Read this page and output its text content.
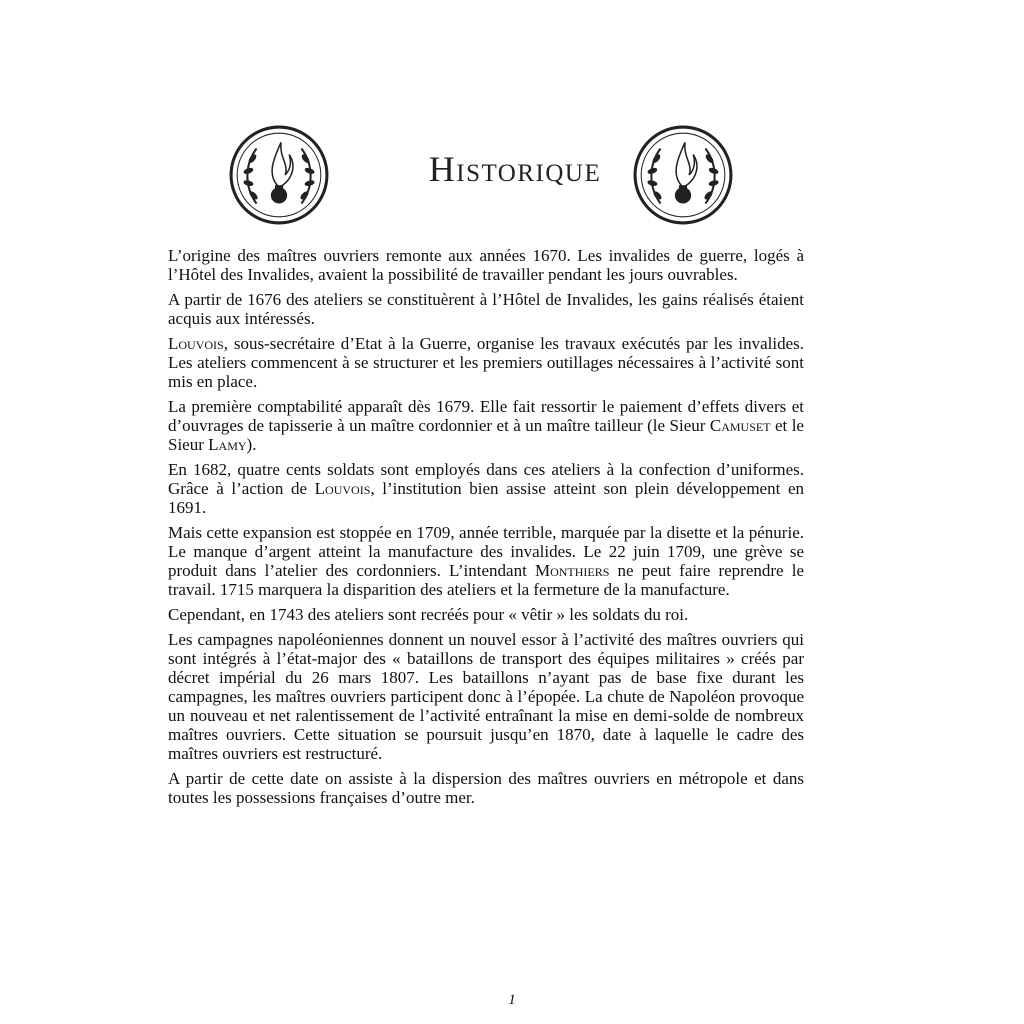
Historique

L’origine des maîtres ouvriers remonte aux années 1670. Les invalides de guerre, logés à l’Hôtel des Invalides, avaient la possibilité de travailler pendant les jours ouvrables.

A partir de 1676 des ateliers se constituèrent à l’Hôtel de Invalides, les gains réalisés étaient acquis aux intéressés.

Louvois, sous-secrétaire d’Etat à la Guerre, organise les travaux exécutés par les invalides. Les ateliers commencent à se structurer et les premiers outillages nécessaires à l’activité sont mis en place.

La première comptabilité apparaît dès 1679. Elle fait ressortir le paiement d’effets divers et d’ouvrages de tapisserie à un maître cordonnier et à un maître tailleur (le Sieur Camuset et le Sieur Lamy).

En 1682, quatre cents soldats sont employés dans ces ateliers à la confection d’uniformes. Grâce à l’action de Louvois, l’institution bien assise atteint son plein développement en 1691.

Mais cette expansion est stoppée en 1709, année terrible, marquée par la disette et la pénurie. Le manque d’argent atteint la manufacture des invalides. Le 22 juin 1709, une grève se produit dans l’atelier des cordonniers. L’intendant Monthiers ne peut faire reprendre le travail. 1715 marquera la disparition des ateliers et la fermeture de la manufacture.

Cependant, en 1743 des ateliers sont recréés pour « vêtir » les soldats du roi.

Les campagnes napoléoniennes donnent un nouvel essor à l’activité des maîtres ouvriers qui sont intégrés à l’état-major des « bataillons de transport des équipes militaires » créés par décret impérial du 26 mars 1807. Les bataillons n’ayant pas de base fixe durant les campagnes, les maîtres ouvriers participent donc à l’épopée. La chute de Napoléon provoque un nouveau et net ralentissement de l’activité entraînant la mise en demi-solde de nombreux maîtres ouvriers. Cette situation se poursuit jusqu’en 1870, date à laquelle le cadre des maîtres ouvriers est restructuré.

A partir de cette date on assiste à la dispersion des maîtres ouvriers en métropole et dans toutes les possessions françaises d’outre mer.

1
